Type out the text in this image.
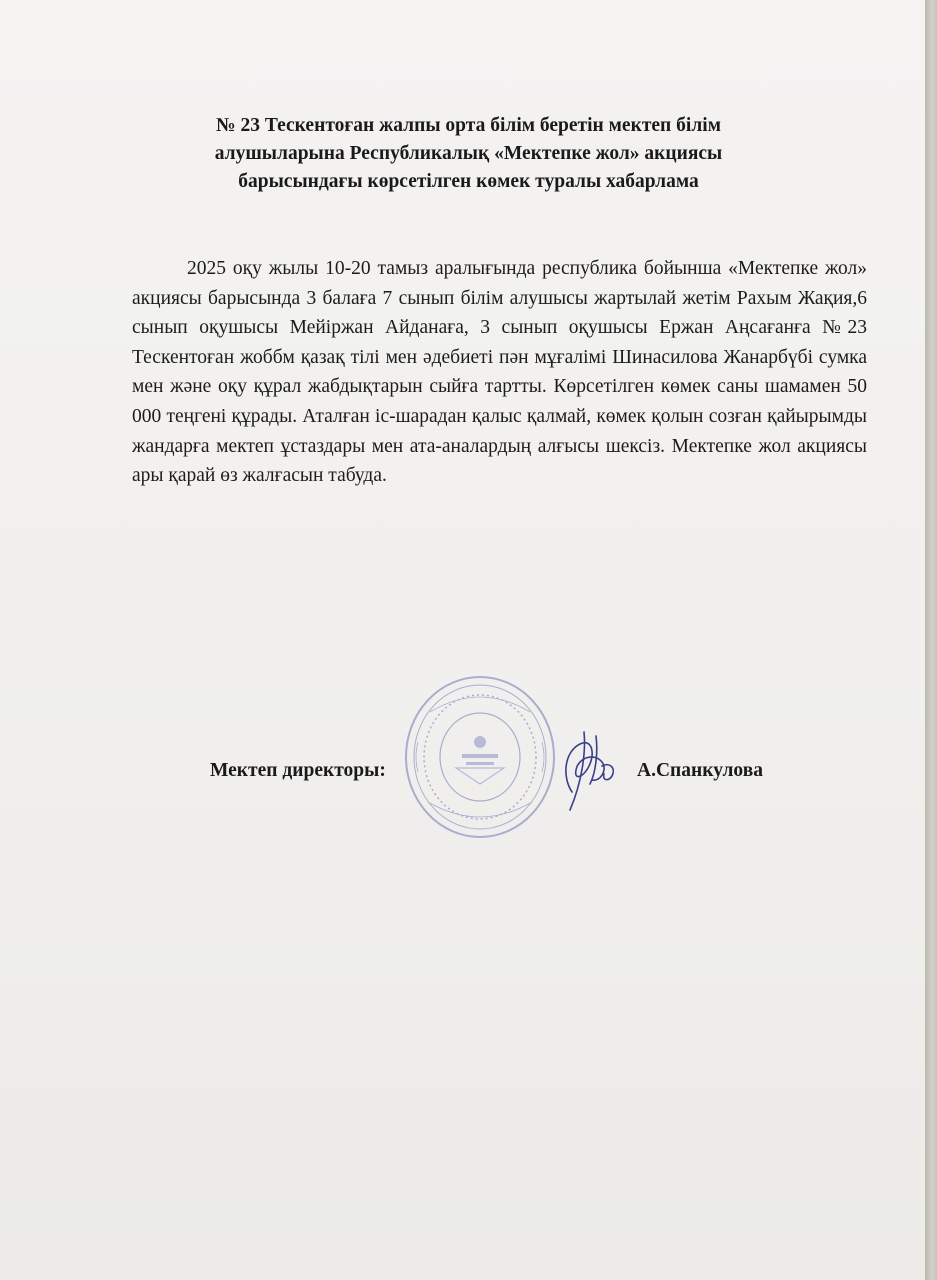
№ 23 Тескентоған жалпы орта білім беретін мектеп білім
алушыларына Республикалық «Мектепке жол» акциясы
барысындағы көрсетілген көмек туралы хабарлама
2025 оқу жылы 10-20 тамыз аралығында республика бойынша «Мектепке жол» акциясы барысында 3 балаға 7 сынып білім алушысы жартылай жетім Рахым Жақия,6 сынып оқушысы Мейіржан Айданаға, 3 сынып оқушысы Ержан Аңсағанға №23 Тескентоған жоббм қазақ тілі мен әдебиеті пән мұғалімі Шинасилова Жанарбүбі сумка мен және оқу құрал жабдықтарын сыйға тартты. Көрсетілген көмек саны шамамен 50 000 теңгені құрады. Аталған іс-шарадан қалыс қалмай, көмек қолын созған қайырымды жандарға мектеп ұстаздары мен ата-аналардың алғысы шексіз. Мектепке жол акциясы ары қарай өз жалғасын табуда.
Мектеп директоры:	А.Спанкулова
